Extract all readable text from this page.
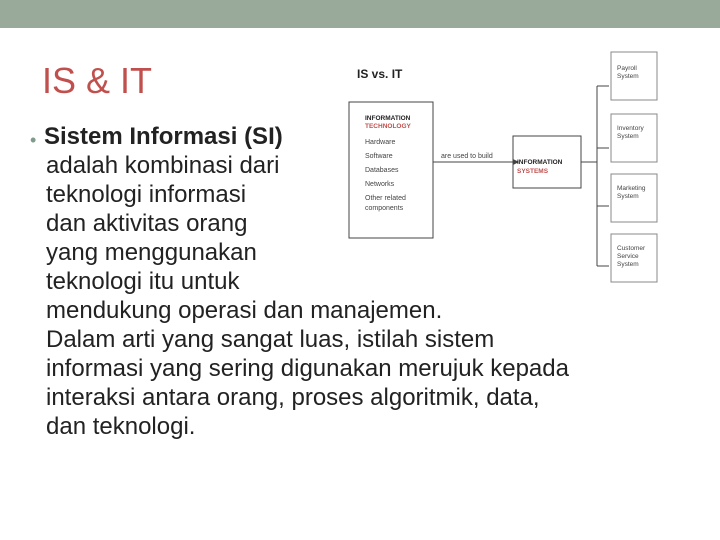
IS & IT
• Sistem Informasi (SI)
adalah kombinasi dari
teknologi informasi
dan aktivitas orang
yang menggunakan
teknologi itu untuk
mendukung operasi dan manajemen.
Dalam arti yang sangat luas, istilah sistem
informasi yang sering digunakan merujuk kepada
interaksi antara orang, proses algoritmik, data,
dan teknologi.
IS vs. IT
INFORMATION
TECHNOLOGY
Hardware
Software
Databases
Networks
Other related
components
are used to build
INFORMATION
SYSTEMS
Payroll
System
Inventory
System
Marketing
System
Customer
Service
System
